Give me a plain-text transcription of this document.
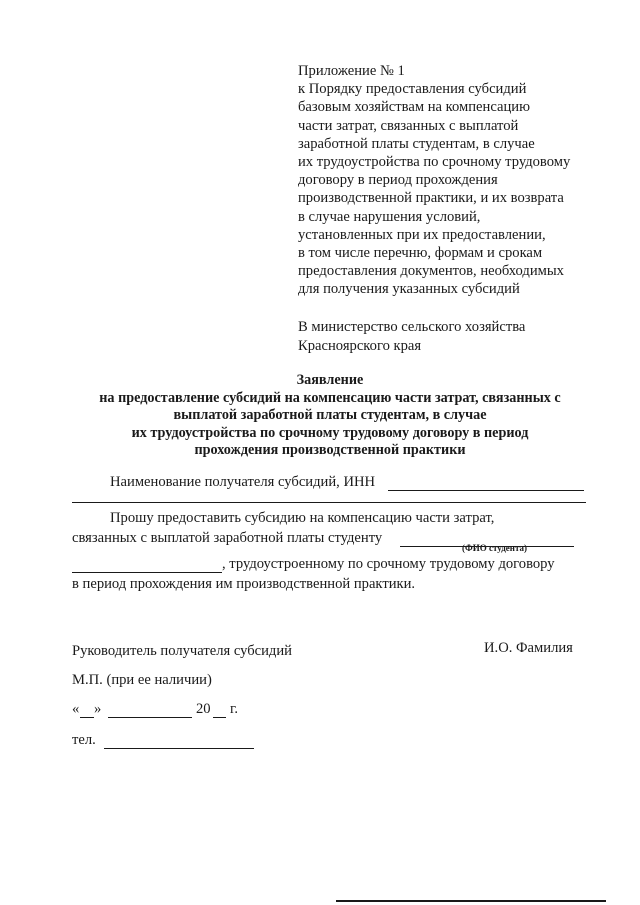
Приложение № 1
к Порядку предоставления субсидий
базовым хозяйствам на компенсацию
части затрат, связанных с выплатой
заработной платы студентам, в случае
их трудоустройства по срочному трудовому
договору в период прохождения
производственной практики, и их возврата
в случае нарушения условий,
установленных при их предоставлении,
в том числе перечню, формам и срокам
предоставления документов, необходимых
для получения указанных субсидий
В министерство сельского хозяйства
Красноярского края
Заявление
на предоставление субсидий на компенсацию части затрат, связанных с
выплатой заработной платы студентам, в случае
их трудоустройства по срочному трудовому договору в период
прохождения производственной практики
Наименование получателя субсидий, ИНН
Прошу предоставить субсидию на компенсацию части затрат,
связанных с выплатой заработной платы студенту
(ФИО студента)
, трудоустроенному по срочному трудовому договору
в период прохождения им производственной практики.
Руководитель получателя субсидий	И.О. Фамилия
М.П. (при ее наличии)
« »	20 г.
тел.
